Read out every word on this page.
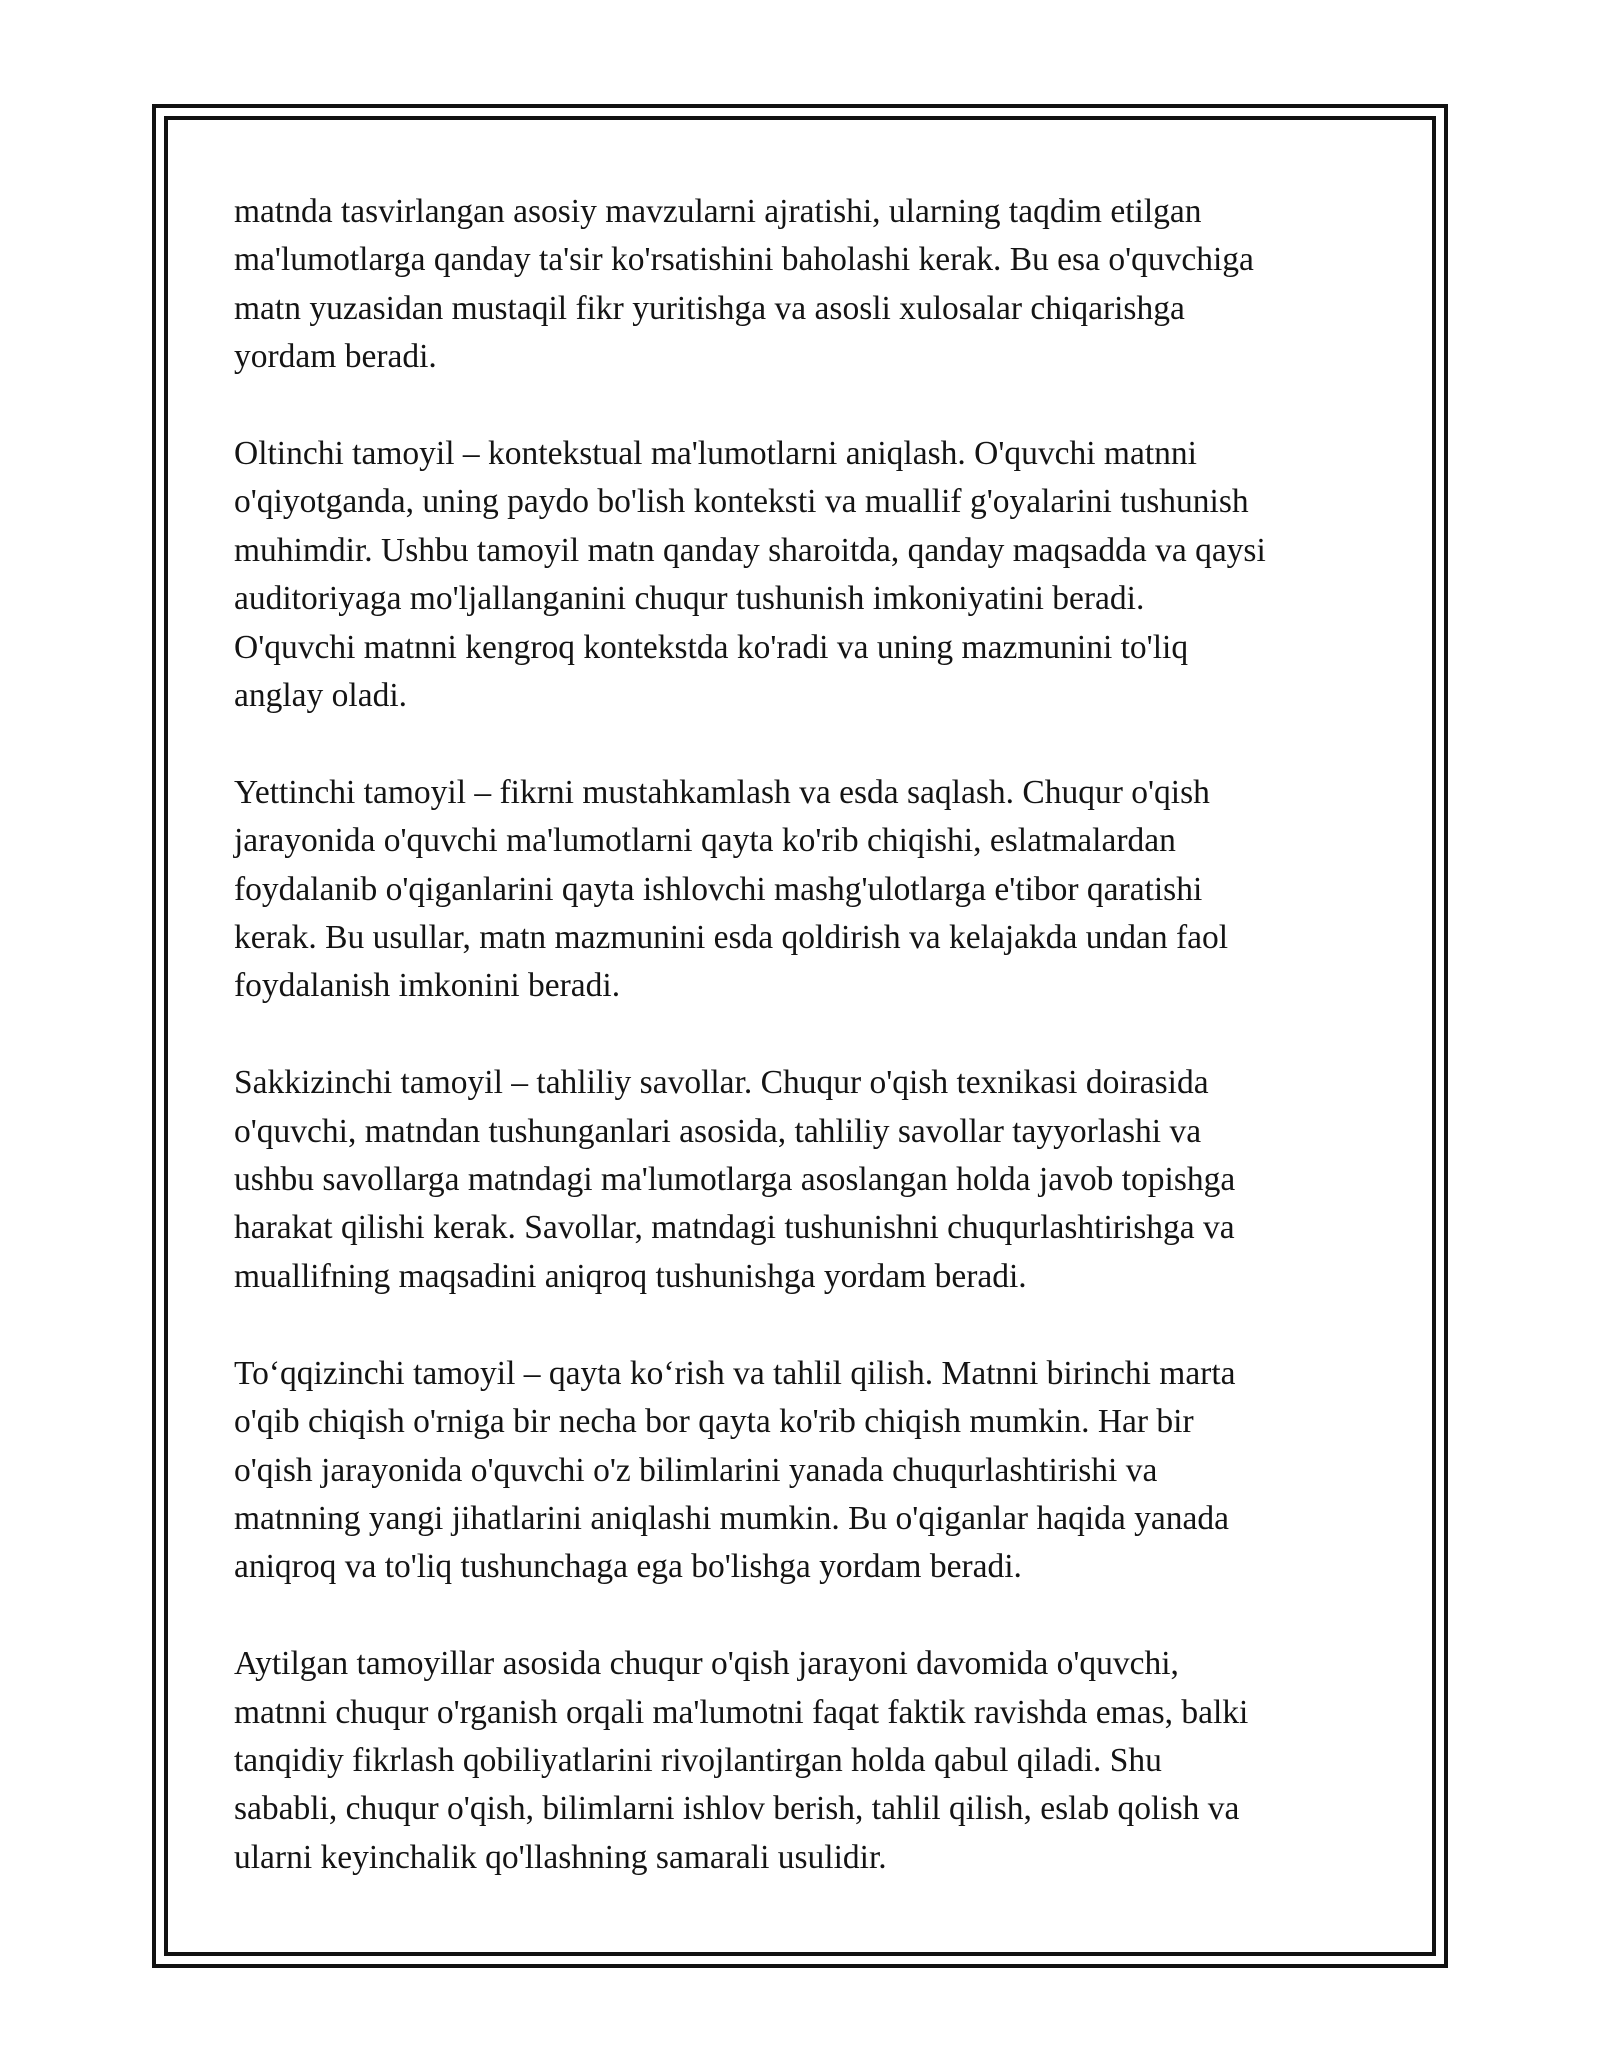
matnda tasvirlangan asosiy mavzularni ajratishi, ularning taqdim etilgan
ma'lumotlarga qanday ta'sir ko'rsatishini baholashi kerak. Bu esa o'quvchiga
matn yuzasidan mustaqil fikr yuritishga va asosli xulosalar chiqarishga
yordam beradi.

Oltinchi tamoyil – kontekstual ma'lumotlarni aniqlash. O'quvchi matnni
o'qiyotganda, uning paydo bo'lish konteksti va muallif g'oyalarini tushunish
muhimdir. Ushbu tamoyil matn qanday sharoitda, qanday maqsadda va qaysi
auditoriyaga mo'ljallanganini chuqur tushunish imkoniyatini beradi.
O'quvchi matnni kengroq kontekstda ko'radi va uning mazmunini to'liq
anglay oladi.

Yettinchi tamoyil – fikrni mustahkamlash va esda saqlash. Chuqur o'qish
jarayonida o'quvchi ma'lumotlarni qayta ko'rib chiqishi, eslatmalardan
foydalanib o'qiganlarini qayta ishlovchi mashg'ulotlarga e'tibor qaratishi
kerak. Bu usullar, matn mazmunini esda qoldirish va kelajakda undan faol
foydalanish imkonini beradi.

Sakkizinchi tamoyil – tahliliy savollar. Chuqur o'qish texnikasi doirasida
o'quvchi, matndan tushunganlari asosida, tahliliy savollar tayyorlashi va
ushbu savollarga matndagi ma'lumotlarga asoslangan holda javob topishga
harakat qilishi kerak. Savollar, matndagi tushunishni chuqurlashtirishga va
muallifning maqsadini aniqroq tushunishga yordam beradi.

To‘qqizinchi tamoyil – qayta ko‘rish va tahlil qilish. Matnni birinchi marta
o'qib chiqish o'rniga bir necha bor qayta ko'rib chiqish mumkin. Har bir
o'qish jarayonida o'quvchi o'z bilimlarini yanada chuqurlashtirishi va
matnning yangi jihatlarini aniqlashi mumkin. Bu o'qiganlar haqida yanada
aniqroq va to'liq tushunchaga ega bo'lishga yordam beradi.

Aytilgan tamoyillar asosida chuqur o'qish jarayoni davomida o'quvchi,
matnni chuqur o'rganish orqali ma'lumotni faqat faktik ravishda emas, balki
tanqidiy fikrlash qobiliyatlarini rivojlantirgan holda qabul qiladi. Shu
sababli, chuqur o'qish, bilimlarni ishlov berish, tahlil qilish, eslab qolish va
ularni keyinchalik qo'llashning samarali usulidir.
